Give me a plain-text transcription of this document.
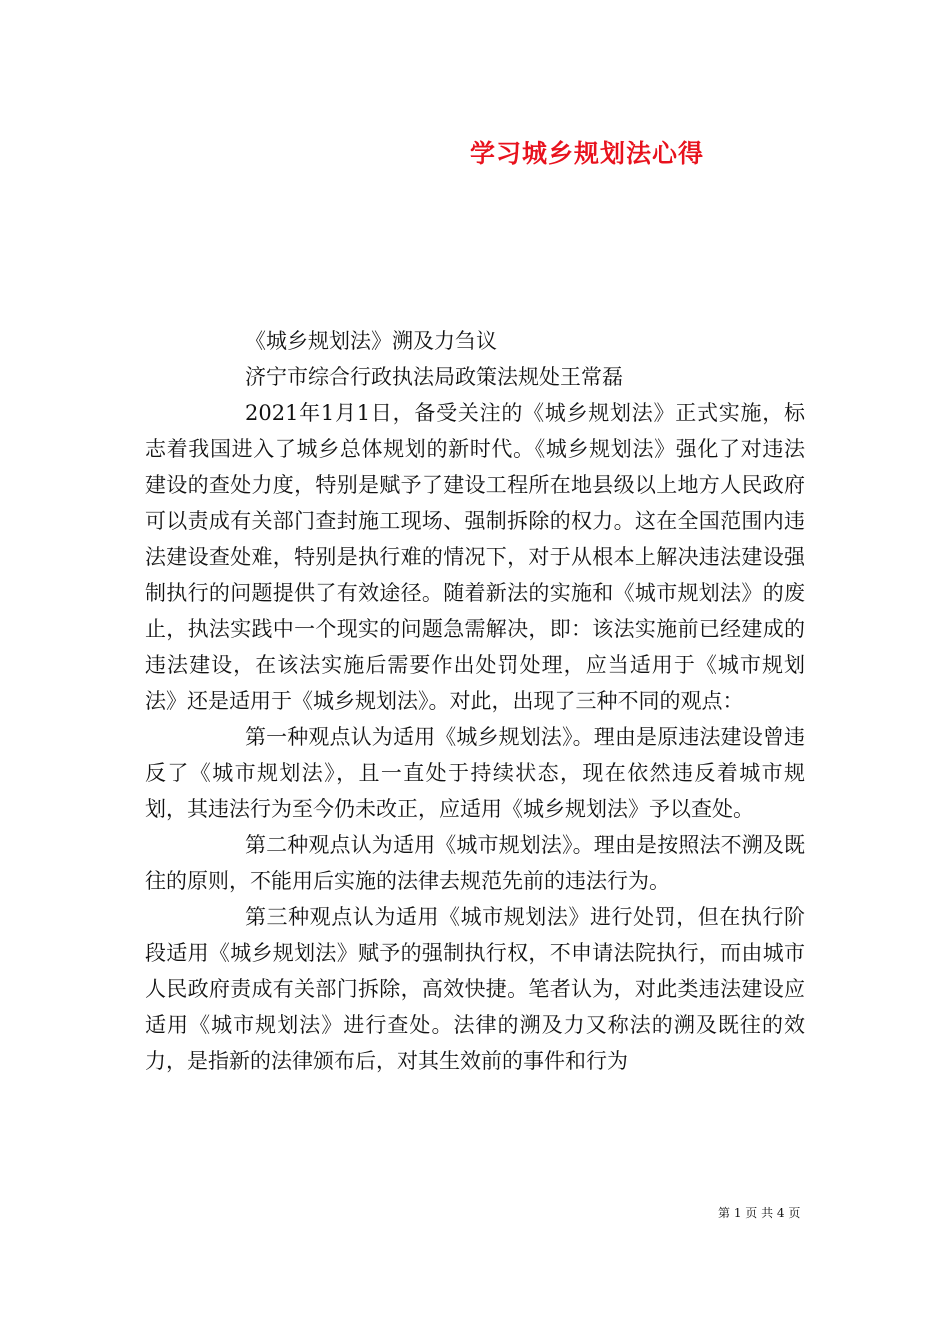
学习城乡规划法心得

《城乡规划法》溯及力刍议

济宁市综合行政执法局政策法规处王常磊

2021年1月1日，备受关注的《城乡规划法》正式实施，标志着我国进入了城乡总体规划的新时代。《城乡规划法》强化了对违法建设的查处力度，特别是赋予了建设工程所在地县级以上地方人民政府可以责成有关部门查封施工现场、强制拆除的权力。这在全国范围内违法建设查处难，特别是执行难的情况下，对于从根本上解决违法建设强制执行的问题提供了有效途径。随着新法的实施和《城市规划法》的废止，执法实践中一个现实的问题急需解决，即：该法实施前已经建成的违法建设，在该法实施后需要作出处罚处理，应当适用于《城市规划法》还是适用于《城乡规划法》。对此，出现了三种不同的观点：

第一种观点认为适用《城乡规划法》。理由是原违法建设曾违反了《城市规划法》，且一直处于持续状态，现在依然违反着城市规划，其违法行为至今仍未改正，应适用《城乡规划法》予以查处。

第二种观点认为适用《城市规划法》。理由是按照法不溯及既往的原则，不能用后实施的法律去规范先前的违法行为。

第三种观点认为适用《城市规划法》进行处罚，但在执行阶段适用《城乡规划法》赋予的强制执行权，不申请法院执行，而由城市人民政府责成有关部门拆除，高效快捷。笔者认为，对此类违法建设应适用《城市规划法》进行查处。法律的溯及力又称法的溯及既往的效力，是指新的法律颁布后，对其生效前的事件和行为

第 1 页 共 4 页
